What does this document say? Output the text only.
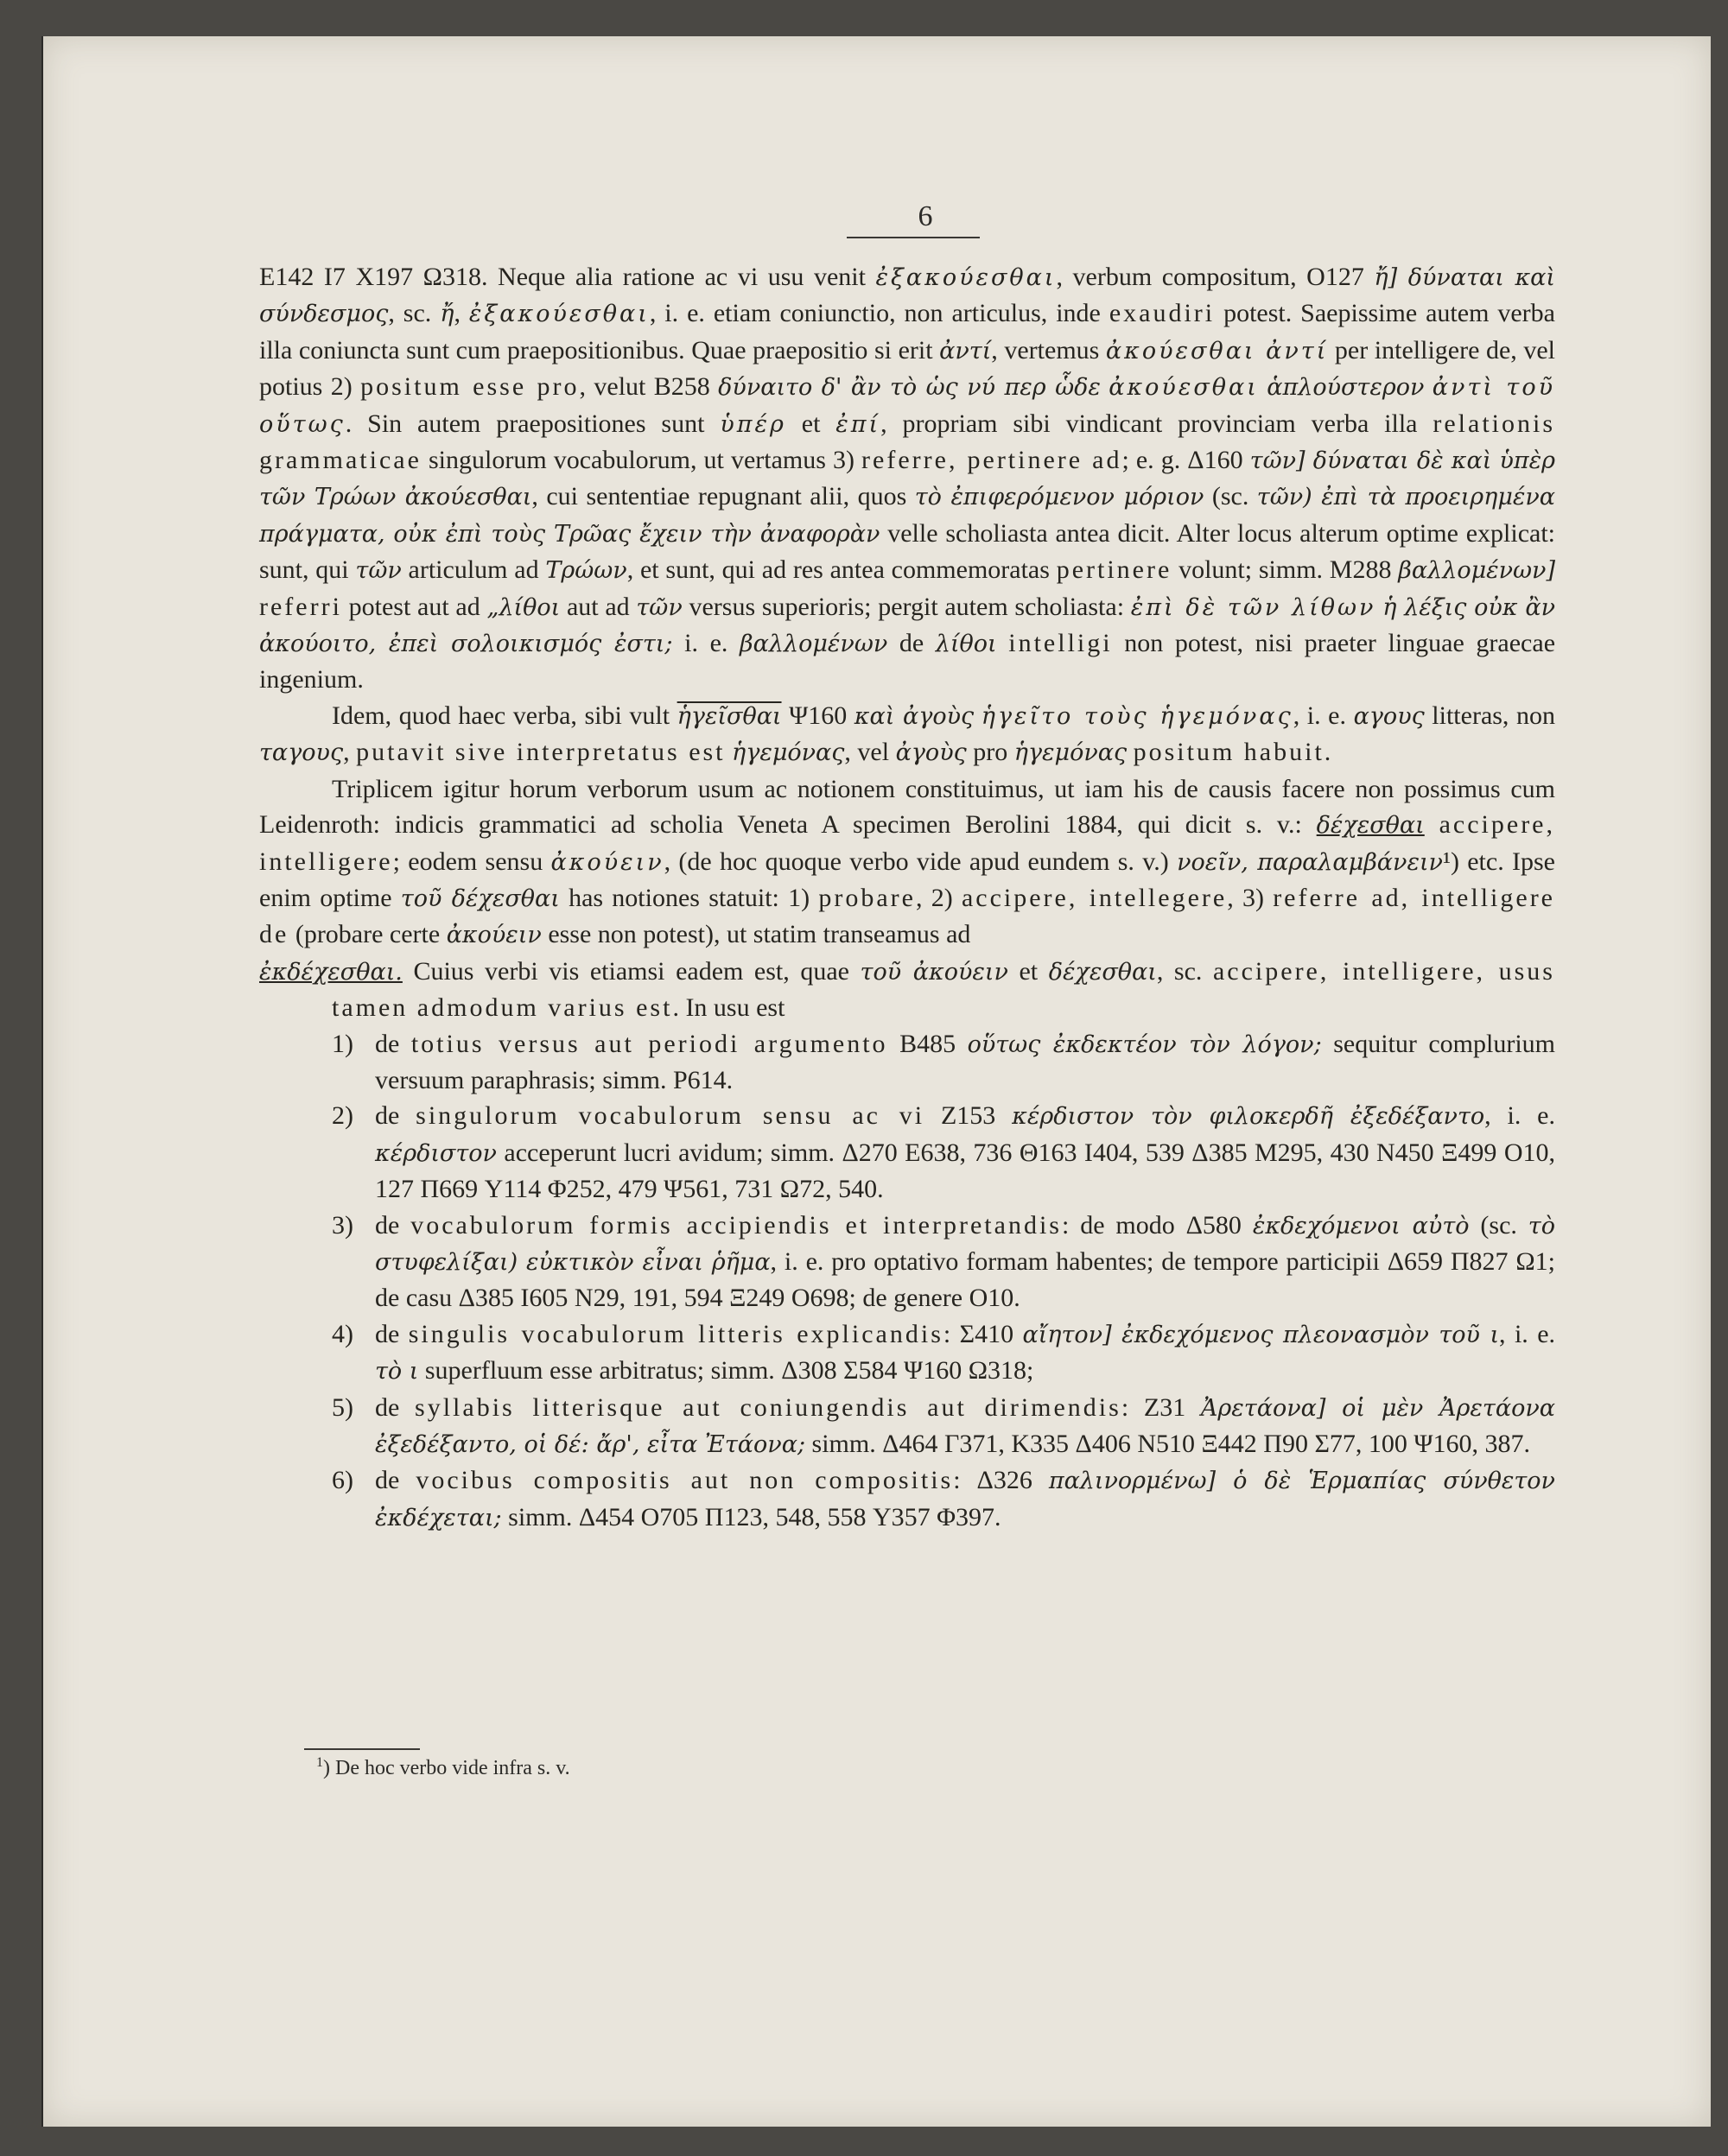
6

E142 I7 X197 Ω318. Neque alia ratione ac vi usu venit ἐξακούεσθαι, verbum compositum, O127 ἤ] δύναται καὶ σύνδεσμος, sc. ἤ, ἐξακούεσθαι, i. e. etiam coniunctio, non articulus, inde exaudiri potest. Saepissime autem verba illa coniuncta sunt cum praepositionibus. Quae praepositio si erit ἀντί, vertemus ἀκούεσθαι ἀντί per intelligere de, vel potius 2) positum esse pro, velut B258 δύναιτο δ' ἂν τὸ ὡς νύ περ ὧδε ἀκούεσθαι ἁπλούστερον ἀντὶ τοῦ οὕτως. Sin autem praepositiones sunt ὑπέρ et ἐπί, propriam sibi vindicant provinciam verba illa relationis grammaticae singulorum vocabulorum, ut vertamus 3) referre, pertinere ad; e. g. Δ160 τῶν] δύναται δὲ καὶ ὑπὲρ τῶν Τρώων ἀκούεσθαι, cui sententiae repugnant alii, quos τὸ ἐπιφερόμενον μόριον (sc. τῶν) ἐπὶ τὰ προειρημένα πράγματα, οὐκ ἐπὶ τοὺς Τρῶας ἔχειν τὴν ἀναφορὰν velle scholiasta antea dicit. Alter locus alterum optime explicat: sunt, qui τῶν articulum ad Τρώων, et sunt, qui ad res antea commemoratas pertinere volunt; simm. M288 βαλλομένων] referri potest aut ad „λίθοι aut ad τῶν versus superioris; pergit autem scholiasta: ἐπὶ δὲ τῶν λίθων ἡ λέξις οὐκ ἂν ἀκούοιτο, ἐπεὶ σολοικισμός ἐστι; i. e. βαλλομένων de λίθοι intelligi non potest, nisi praeter linguae graecae ingenium.

Idem, quod haec verba, sibi vult ἡγεῖσθαι Ψ160 καὶ ἀγοὺς ἡγεῖτο τοὺς ἡγεμόνας, i. e. αγους litteras, non ταγους, putavit sive interpretatus est ἡγεμόνας, vel ἀγοὺς pro ἡγεμόνας positum habuit.

Triplicem igitur horum verborum usum ac notionem constituimus, ut iam his de causis facere non possimus cum Leidenroth: indicis grammatici ad scholia Veneta A specimen Berolini 1884, qui dicit s. v.: δέχεσθαι accipere, intelligere; eodem sensu ἀκούειν, (de hoc quoque verbo vide apud eundem s. v.) νοεῖν, παραλαμβάνειν¹) etc. Ipse enim optime τοῦ δέχεσθαι has notiones statuit: 1) probare, 2) accipere, intellegere, 3) referre ad, intelligere de (probare certe ἀκούειν esse non potest), ut statim transeamus ad

ἐκδέχεσθαι. Cuius verbi vis etiamsi eadem est, quae τοῦ ἀκούειν et δέχεσθαι, sc. accipere, intelligere, usus tamen admodum varius est. In usu est

1) de totius versus aut periodi argumento B485 οὕτως ἐκδεκτέον τὸν λόγον; sequitur complurium versuum paraphrasis; simm. P614.
2) de singulorum vocabulorum sensu ac vi Z153 κέρδιστον τὸν φιλοκερδῆ ἐξεδέξαντο, i. e. κέρδιστον acceperunt lucri avidum; simm. Δ270 E638, 736 Θ163 I404, 539 Δ385 M295, 430 N450 Ξ499 O10, 127 Π669 Y114 Φ252, 479 Ψ561, 731 Ω72, 540.
3) de vocabulorum formis accipiendis et interpretandis: de modo Δ580 ἐκδεχόμενοι αὐτὸ (sc. τὸ στυφελίξαι) εὐκτικὸν εἶναι ῥῆμα, i. e. pro optativo formam habentes; de tempore participii Δ659 Π827 Ω1; de casu Δ385 I605 N29, 191, 594 Ξ249 O698; de genere O10.
4) de singulis vocabulorum litteris explicandis: Σ410 αἴητον] ἐκδεχόμενος πλεονασμὸν τοῦ ι, i. e. τὸ ι superfluum esse arbitratus; simm. Δ308 Σ584 Ψ160 Ω318;
5) de syllabis litterisque aut coniungendis aut dirimendis: Z31 Ἀρετάονα] οἱ μὲν Ἀρετάονα ἐξεδέξαντο, οἱ δέ: ἄρ', εἶτα Ἐτάονα; simm. Δ464 Γ371, K335 Δ406 N510 Ξ442 Π90 Σ77, 100 Ψ160, 387.
6) de vocibus compositis aut non compositis: Δ326 παλινορμένω] ὁ δὲ Ἑρμαπίας σύνθετον ἐκδέχεται; simm. Δ454 O705 Π123, 548, 558 Y357 Φ397.
$^1$) De hoc verbo vide infra s. v.
